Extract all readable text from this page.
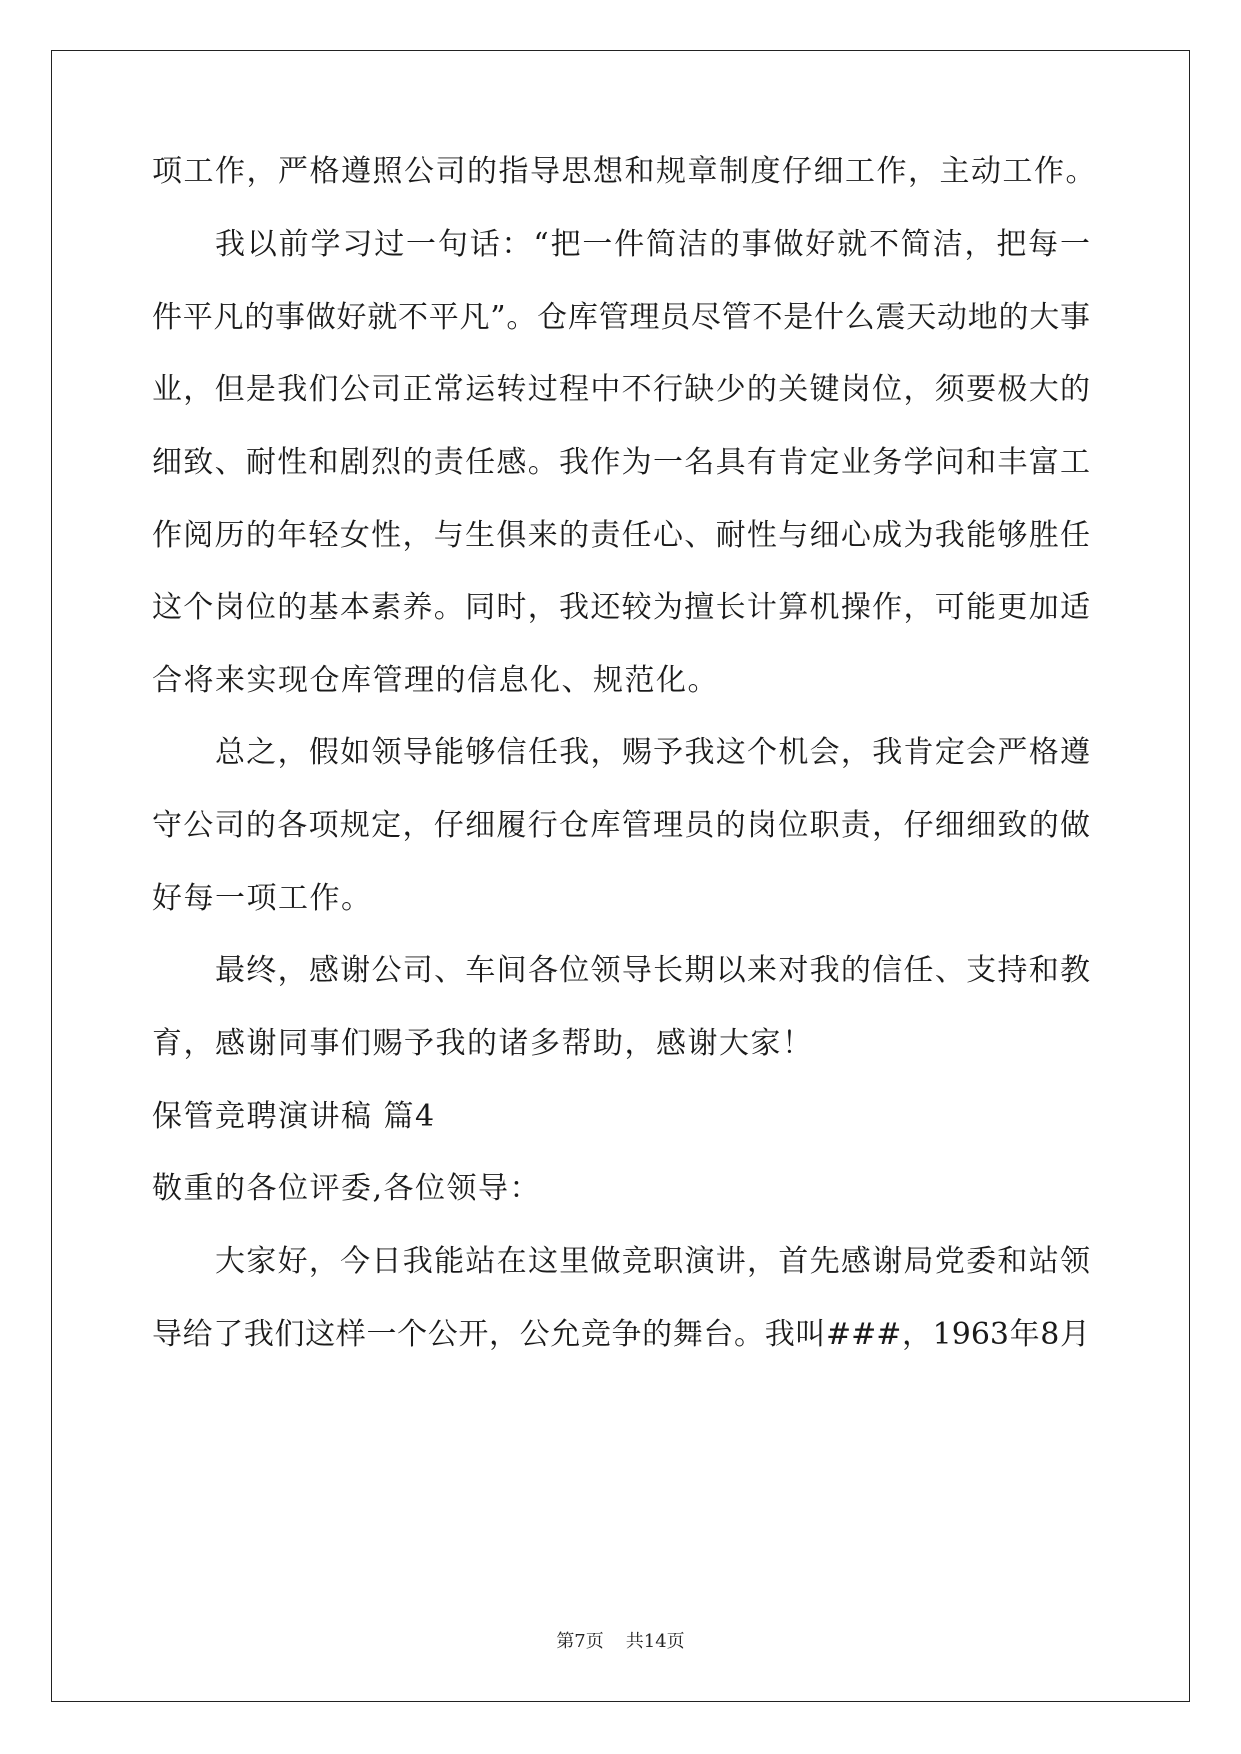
项工作，严格遵照公司的指导思想和规章制度仔细工作，主动工作。
我以前学习过一句话：“把一件简洁的事做好就不简洁，把每一
件平凡的事做好就不平凡”。仓库管理员尽管不是什么震天动地的大事
业，但是我们公司正常运转过程中不行缺少的关键岗位，须要极大的
细致、耐性和剧烈的责任感。我作为一名具有肯定业务学问和丰富工
作阅历的年轻女性，与生俱来的责任心、耐性与细心成为我能够胜任
这个岗位的基本素养。同时，我还较为擅长计算机操作，可能更加适
合将来实现仓库管理的信息化、规范化。
总之，假如领导能够信任我，赐予我这个机会，我肯定会严格遵
守公司的各项规定，仔细履行仓库管理员的岗位职责，仔细细致的做
好每一项工作。
最终，感谢公司、车间各位领导长期以来对我的信任、支持和教
育，感谢同事们赐予我的诸多帮助，感谢大家！
保管竞聘演讲稿 篇4
敬重的各位评委,各位领导：
大家好，今日我能站在这里做竞职演讲，首先感谢局党委和站领
导给了我们这样一个公开，公允竞争的舞台。我叫###，1963年8月
第7页 共14页
